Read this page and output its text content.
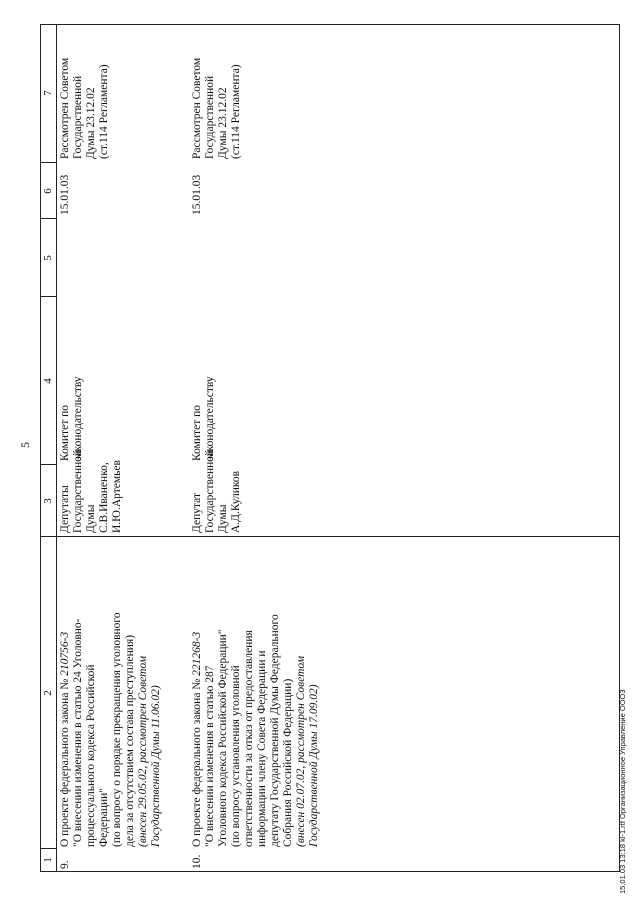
5
1
2
3
4
5
6
7
9.
О проекте федерального закона № 210756-3 "О внесении изменения в статью 24 Уголовно- процессуального кодекса Российской Федерации" (по вопросу о порядке прекращения уголовного дела за отсутствием состава преступления) (внесен 29.05.02, рассмотрен Советом Государственной Думы 11.06.02)
Депутаты Государственной Думы С.В.Иваненко, И.Ю.Артемьев
Комитет по законодательству
15.01.03
Рассмотрен Советом Государственной Думы 23.12.02 (ст.114 Регламента)
10.
О проекте федерального закона № 221268-3
"О внесении изменения в статью 287 Уголовного кодекса Российской Федерации" (по вопросу установления уголовной ответственности за отказ от предоставления информации члену Совета Федерации и депутату Государственной Думы Федерального Собрания Российской Федерации) (внесен 02.07.02, рассмотрен Советом Государственной Думы 17.09.02)
Депутат Государственной Думы А.Д.Куликов
Комитет по законодательству
15.01.03
Рассмотрен Советом Государственной Думы 23.12.02 (ст.114 Регламента)
15.01.03 13:18 kl-1.rtf Организационное Управление ООО3
